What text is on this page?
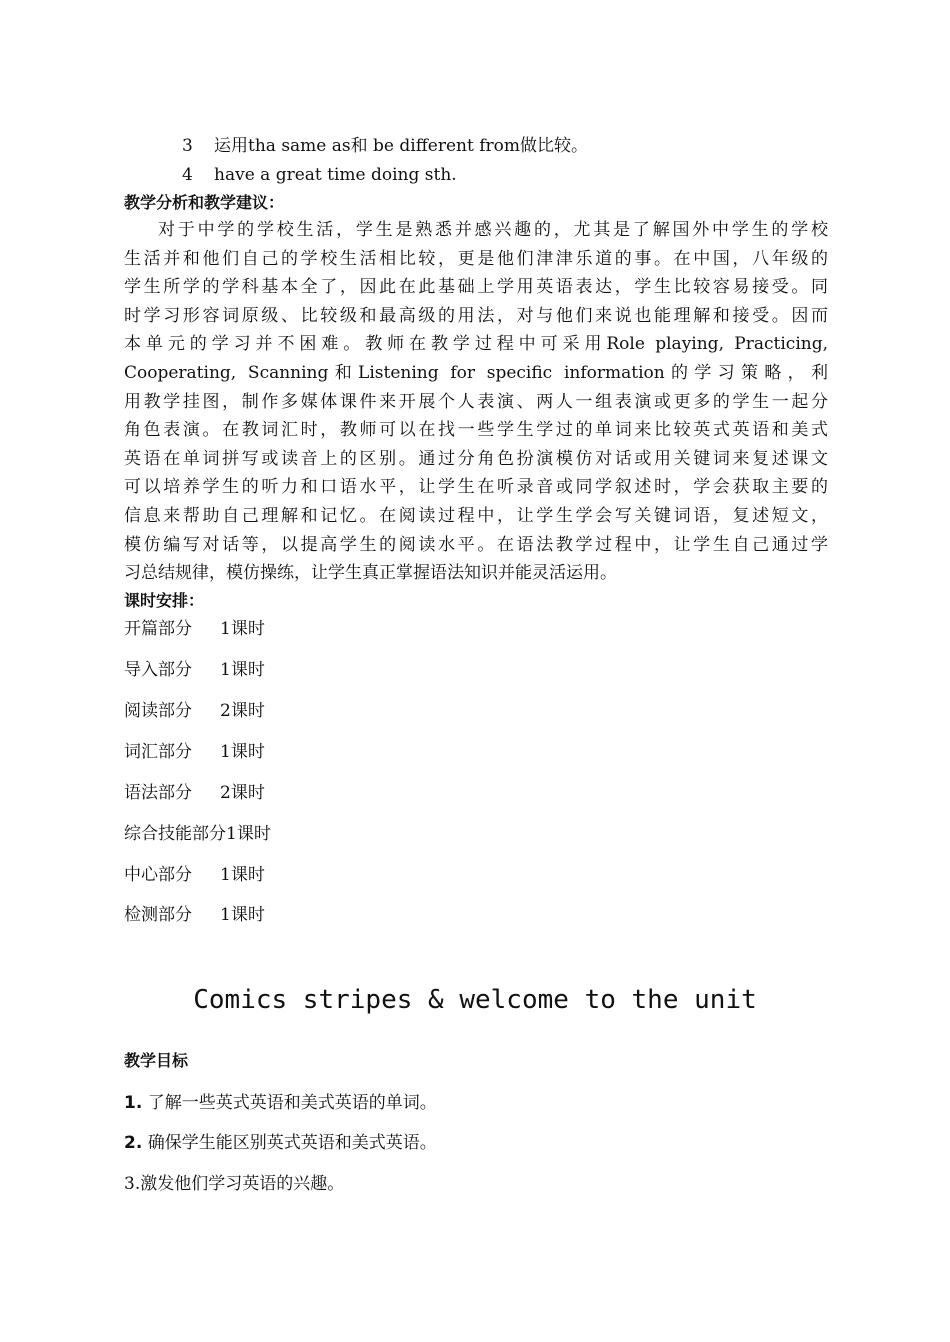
3 运用tha same as和 be different from做比较。
4 have a great time doing sth.
教学分析和教学建议：
对于中学的学校生活，学生是熟悉并感兴趣的，尤其是了解国外中学生的学校
生活并和他们自己的学校生活相比较，更是他们津津乐道的事。在中国，八年级的
学生所学的学科基本全了，因此在此基础上学用英语表达，学生比较容易接受。同
时学习形容词原级、比较级和最高级的用法，对与他们来说也能理解和接受。因而
本单元的学习并不困难。教师在教学过程中可采用Role playing, Practicing,
Cooperating, Scanning和Listening for specific information的学习策略，利
用教学挂图，制作多媒体课件来开展个人表演、两人一组表演或更多的学生一起分
角色表演。在教词汇时，教师可以在找一些学生学过的单词来比较英式英语和美式
英语在单词拼写或读音上的区别。通过分角色扮演模仿对话或用关键词来复述课文
可以培养学生的听力和口语水平，让学生在听录音或同学叙述时，学会获取主要的
信息来帮助自己理解和记忆。在阅读过程中，让学生学会写关键词语，复述短文，
模仿编写对话等，以提高学生的阅读水平。在语法教学过程中，让学生自己通过学
习总结规律，模仿操练，让学生真正掌握语法知识并能灵活运用。
课时安排：
开篇部分 1课时
导入部分 1课时
阅读部分 2课时
词汇部分 1课时
语法部分 2课时
综合技能部分1课时
中心部分 1课时
检测部分 1课时
Comics stripes & welcome to the unit
教学目标
1. 了解一些英式英语和美式英语的单词。
2. 确保学生能区别英式英语和美式英语。
3.激发他们学习英语的兴趣。
